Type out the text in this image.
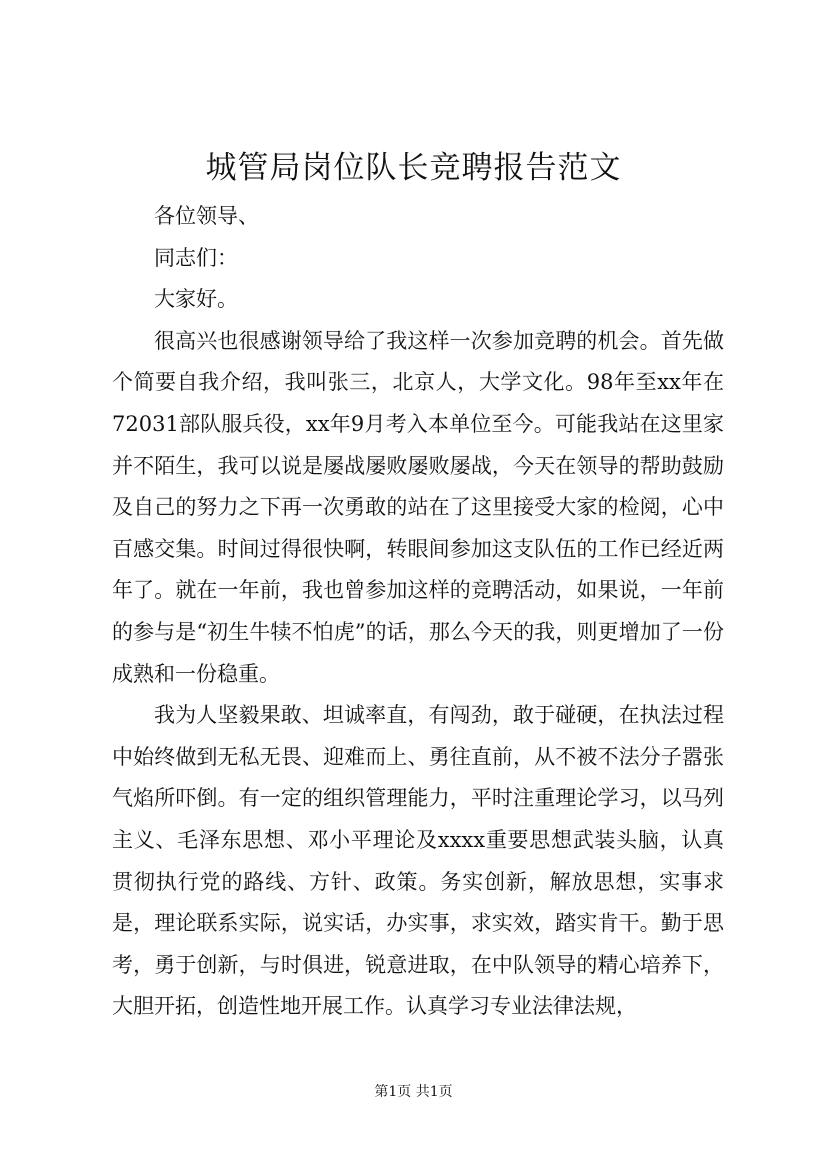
城管局岗位队长竞聘报告范文

各位领导、

同志们：

大家好。

很高兴也很感谢领导给了我这样一次参加竞聘的机会。首先做个简要自我介绍，我叫张三，北京人，大学文化。98年至xx年在72031部队服兵役，xx年9月考入本单位至今。可能我站在这里家并不陌生，我可以说是屡战屡败屡败屡战，今天在领导的帮助鼓励及自己的努力之下再一次勇敢的站在了这里接受大家的检阅，心中百感交集。时间过得很快啊，转眼间参加这支队伍的工作已经近两年了。就在一年前，我也曾参加这样的竞聘活动，如果说，一年前的参与是“初生牛犊不怕虎”的话，那么今天的我，则更增加了一份成熟和一份稳重。

我为人坚毅果敢、坦诚率直，有闯劲，敢于碰硬，在执法过程中始终做到无私无畏、迎难而上、勇往直前，从不被不法分子嚣张气焰所吓倒。有一定的组织管理能力，平时注重理论学习，以马列主义、毛泽东思想、邓小平理论及xxxx重要思想武装头脑，认真贯彻执行党的路线、方针、政策。务实创新，解放思想，实事求是，理论联系实际，说实话，办实事，求实效，踏实肯干。勤于思考，勇于创新，与时俱进，锐意进取，在中队领导的精心培养下，大胆开拓，创造性地开展工作。认真学习专业法律法规，

第1页 共1页
